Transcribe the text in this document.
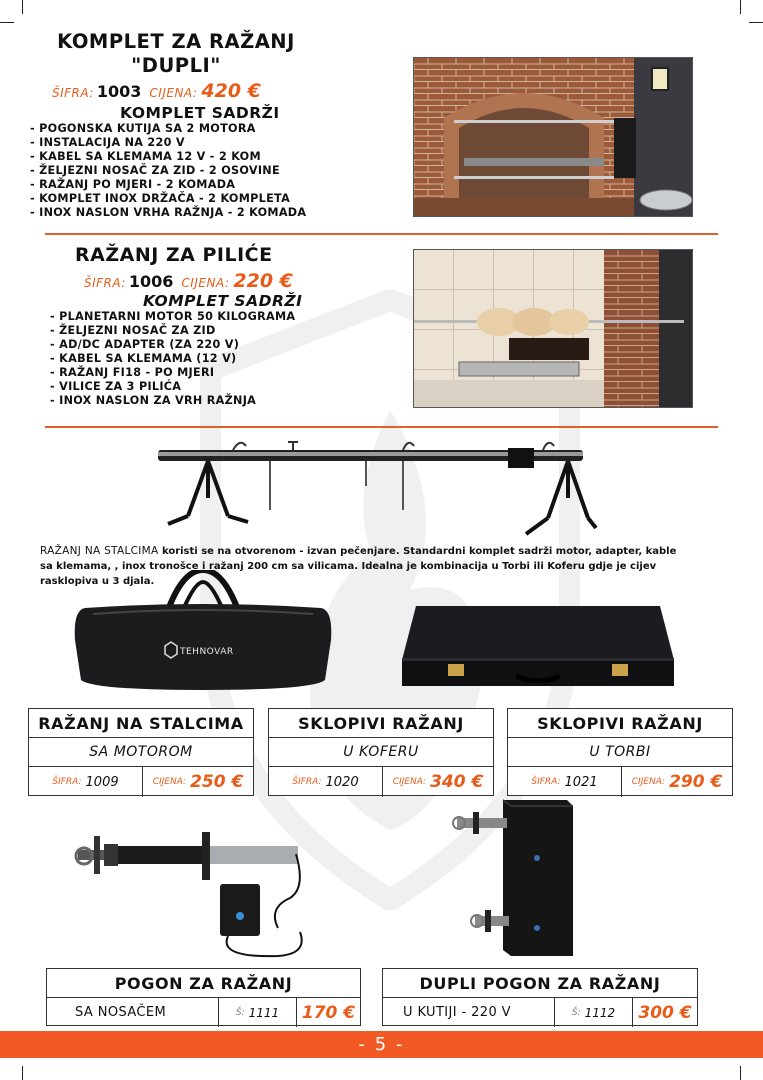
KOMPLET ZA RAŽANJ
"DUPLI"
ŠIFRA: 1003 CIJENA: 420 €
KOMPLET SADRŽI
- POGONSKA KUTIJA SA 2 MOTORA
- INSTALACIJA NA 220 V
- KABEL SA KLEMAMA 12 V - 2 KOM
- ŽELJEZNI NOSAČ ZA ZID - 2 OSOVINE
- RAŽANJ PO MJERI - 2 KOMADA
- KOMPLET INOX DRŽAČA - 2 KOMPLETA
- INOX NASLON VRHA RAŽNJA - 2 KOMADA
RAŽANJ ZA PILIĆE
ŠIFRA: 1006 CIJENA: 220 €
KOMPLET SADRŽI
- PLANETARNI MOTOR 50 KILOGRAMA
- ŽELJEZNI NOSAČ ZA ZID
- AD/DC ADAPTER (ZA 220 V)
- KABEL SA KLEMAMA (12 V)
- RAŽANJ FI18 - PO MJERI
- VILICE ZA 3 PILIĆA
- INOX NASLON ZA VRH RAŽNJA
RAŽANJ NA STALCIMA koristi se na otvorenom - izvan pečenjare. Standardni komplet sadrži motor, adapter, kable sa klemama, , inox tronošce i ražanj 200 cm sa vilicama. Idealna je kombinacija u Torbi ili Koferu gdje je cijev rasklopiva u 3 djala.
TEHNOVAR
RAŽANJ NA STALCIMA
SA MOTOROM
ŠIFRA: 1009	CIJENA: 250 €
SKLOPIVI RAŽANJ
U KOFERU
ŠIFRA: 1020	CIJENA: 340 €
SKLOPIVI RAŽANJ
U TORBI
ŠIFRA: 1021	CIJENA: 290 €
POGON ZA RAŽANJ
SA NOSAČEM	Š: 1111 170 €
DUPLI POGON ZA RAŽANJ
U KUTIJI - 220 V	Š: 1112 300 €
- 5 -
